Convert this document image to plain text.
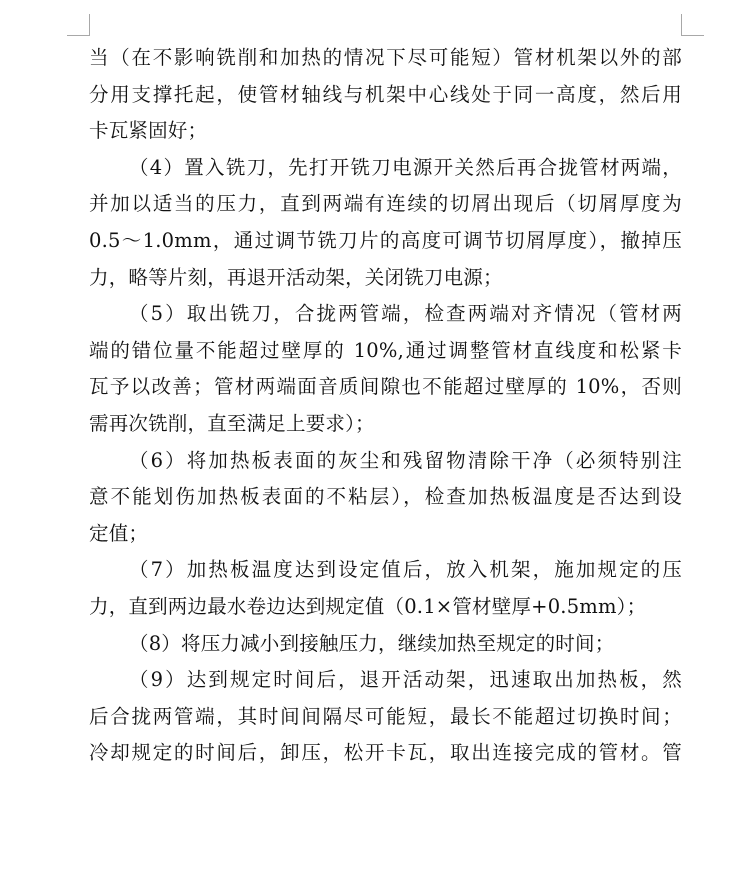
当（在不影响铣削和加热的情况下尽可能短）管材机架以外的部
分用支撑托起，使管材轴线与机架中心线处于同一高度，然后用
卡瓦紧固好；
（4）置入铣刀，先打开铣刀电源开关然后再合拢管材两端，
并加以适当的压力，直到两端有连续的切屑出现后（切屑厚度为
0.5～1.0mm，通过调节铣刀片的高度可调节切屑厚度），撤掉压
力，略等片刻，再退开活动架，关闭铣刀电源；
（5）取出铣刀，合拢两管端，检查两端对齐情况（管材两
端的错位量不能超过壁厚的 10%,通过调整管材直线度和松紧卡
瓦予以改善；管材两端面音质间隙也不能超过壁厚的 10%，否则
需再次铣削，直至满足上要求）；
（6）将加热板表面的灰尘和残留物清除干净（必须特别注
意不能划伤加热板表面的不粘层），检查加热板温度是否达到设
定值；
（7）加热板温度达到设定值后，放入机架，施加规定的压
力，直到两边最水卷边达到规定值（0.1×管材壁厚+0.5mm）；
（8）将压力减小到接触压力，继续加热至规定的时间；
（9）达到规定时间后，退开活动架，迅速取出加热板，然
后合拢两管端，其时间间隔尽可能短，最长不能超过切换时间；
冷却规定的时间后，卸压，松开卡瓦，取出连接完成的管材。管
